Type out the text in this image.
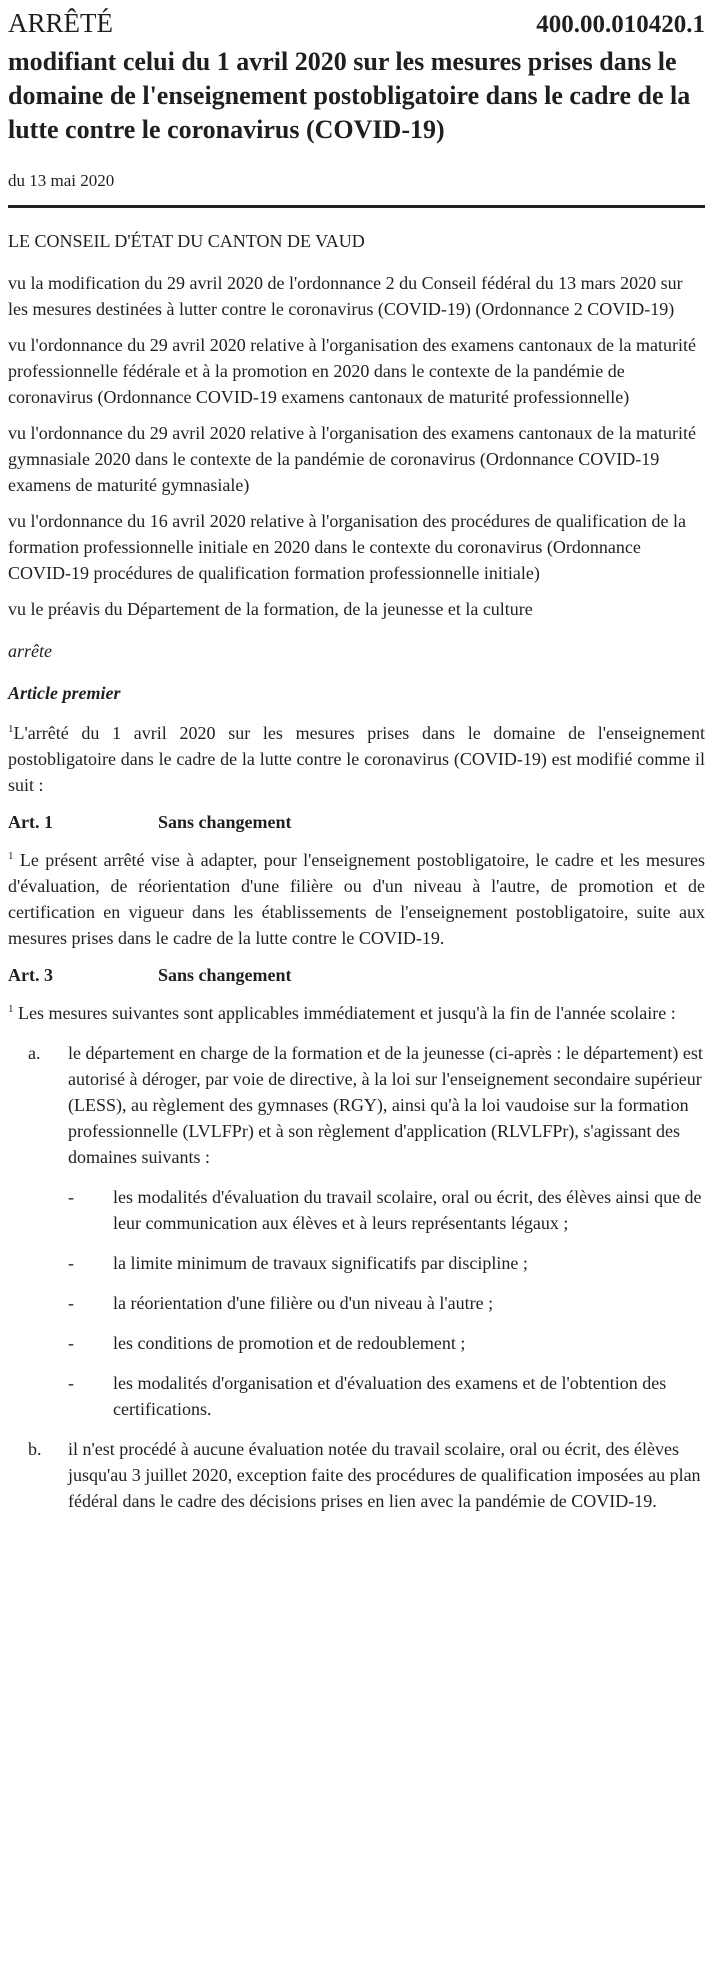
ARRÊTÉ	400.00.010420.1
modifiant celui du 1 avril 2020 sur les mesures prises dans le domaine de l'enseignement postobligatoire dans le cadre de la lutte contre le coronavirus (COVID-19)
du 13 mai 2020

LE CONSEIL D'ÉTAT DU CANTON DE VAUD

vu la modification du 29 avril 2020 de l'ordonnance 2 du Conseil fédéral du 13 mars 2020 sur les mesures destinées à lutter contre le coronavirus (COVID-19) (Ordonnance 2 COVID-19)

vu l'ordonnance du 29 avril 2020 relative à l'organisation des examens cantonaux de la maturité professionnelle fédérale et à la promotion en 2020 dans le contexte de la pandémie de coronavirus (Ordonnance COVID-19 examens cantonaux de maturité professionnelle)

vu l'ordonnance du 29 avril 2020 relative à l'organisation des examens cantonaux de la maturité gymnasiale 2020 dans le contexte de la pandémie de coronavirus (Ordonnance COVID-19 examens de maturité gymnasiale)

vu l'ordonnance du 16 avril 2020 relative à l'organisation des procédures de qualification de la formation professionnelle initiale en 2020 dans le contexte du coronavirus (Ordonnance COVID-19 procédures de qualification formation professionnelle initiale)

vu le préavis du Département de la formation, de la jeunesse et la culture

arrête

Article premier

$^1$L'arrêté du 1 avril 2020 sur les mesures prises dans le domaine de l'enseignement postobligatoire dans le cadre de la lutte contre le coronavirus (COVID-19) est modifié comme il suit :

Art. 1	Sans changement

$^1$ Le présent arrêté vise à adapter, pour l'enseignement postobligatoire, le cadre et les mesures d'évaluation, de réorientation d'une filière ou d'un niveau à l'autre, de promotion et de certification en vigueur dans les établissements de l'enseignement postobligatoire, suite aux mesures prises dans le cadre de la lutte contre le COVID-19.

Art. 3	Sans changement

$^1$ Les mesures suivantes sont applicables immédiatement et jusqu'à la fin de l'année scolaire :

a.	le département en charge de la formation et de la jeunesse (ci-après : le département) est autorisé à déroger, par voie de directive, à la loi sur l'enseignement secondaire supérieur (LESS), au règlement des gymnases (RGY), ainsi qu'à la loi vaudoise sur la formation professionnelle (LVLFPr) et à son règlement d'application (RLVLFPr), s'agissant des domaines suivants :
-	les modalités d'évaluation du travail scolaire, oral ou écrit, des élèves ainsi que de leur communication aux élèves et à leurs représentants légaux ;
-	la limite minimum de travaux significatifs par discipline ;
-	la réorientation d'une filière ou d'un niveau à l'autre ;
-	les conditions de promotion et de redoublement ;
-	les modalités d'organisation et d'évaluation des examens et de l'obtention des certifications.
b.	il n'est procédé à aucune évaluation notée du travail scolaire, oral ou écrit, des élèves jusqu'au 3 juillet 2020, exception faite des procédures de qualification imposées au plan fédéral dans le cadre des décisions prises en lien avec la pandémie de COVID-19.
